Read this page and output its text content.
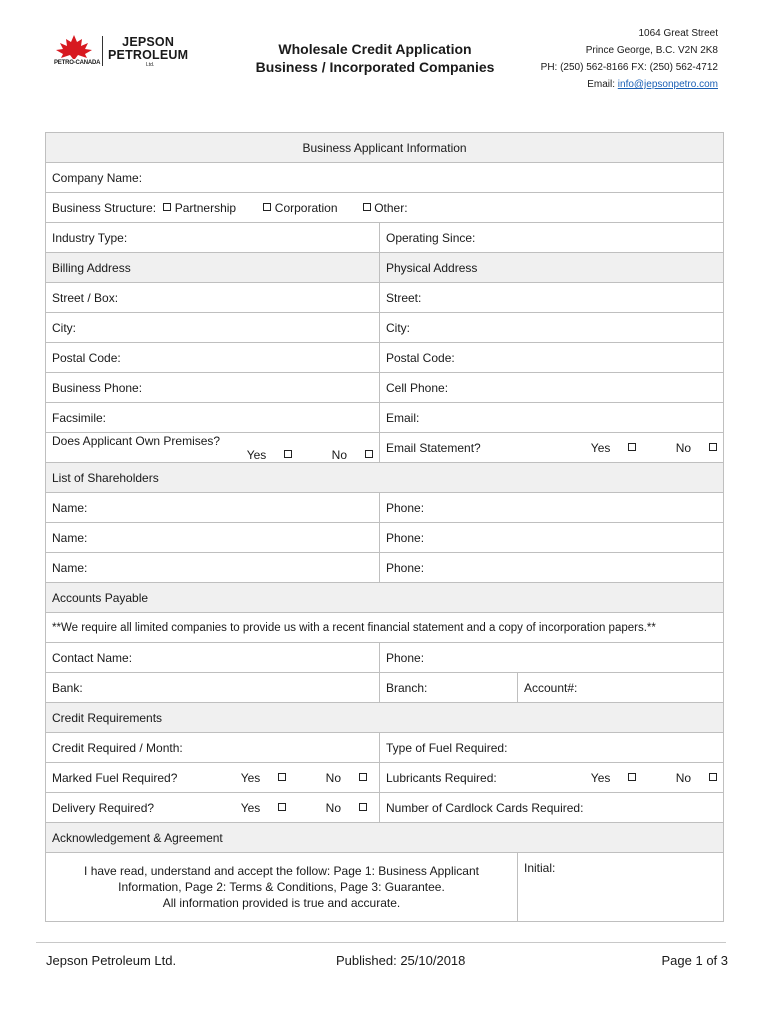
PETRO-CANADA
JEPSON
PETROLEUM
Ltd.
Wholesale Credit Application
Business / Incorporated Companies
1064 Great Street
Prince George, B.C. V2N 2K8
PH: (250) 562-8166 FX: (250) 562-4712
Email: info@jepsonpetro.com
Business Applicant Information		
Company Name:		
Business Structure: Partnership Corporation Other:		
Industry Type:	Operating Since:	
Billing Address	Physical Address	
Street / Box:	Street:	
City:	City:	
Postal Code:	Postal Code:	
Business Phone:	Cell Phone:	
Facsimile:	Email:	
Does Applicant Own Premises?
Yes No	Email Statement? Yes No	

List of Shareholders		
Name:	Phone:	
Name:	Phone:	
Name:	Phone:	
Accounts Payable		
**We require all limited companies to provide us with a recent financial statement and a copy of incorporation papers.**		
Contact Name:	Phone:	
Bank:	Branch:	Account#:
Credit Requirements		
Credit Required / Month:	Type of Fuel Required:	
Marked Fuel Required? Yes No	Lubricants Required: Yes No	

Delivery Required? Yes No	Number of Cardlock Cards Required:	
Acknowledgement & Agreement		

I have read, understand and accept the follow: Page 1: Business Applicant
Information, Page 2: Terms & Conditions, Page 3: Guarantee.
All information provided is true and accurate.		Initial:
Jepson Petroleum Ltd.	Published: 25/10/2018	Page 1 of 3
